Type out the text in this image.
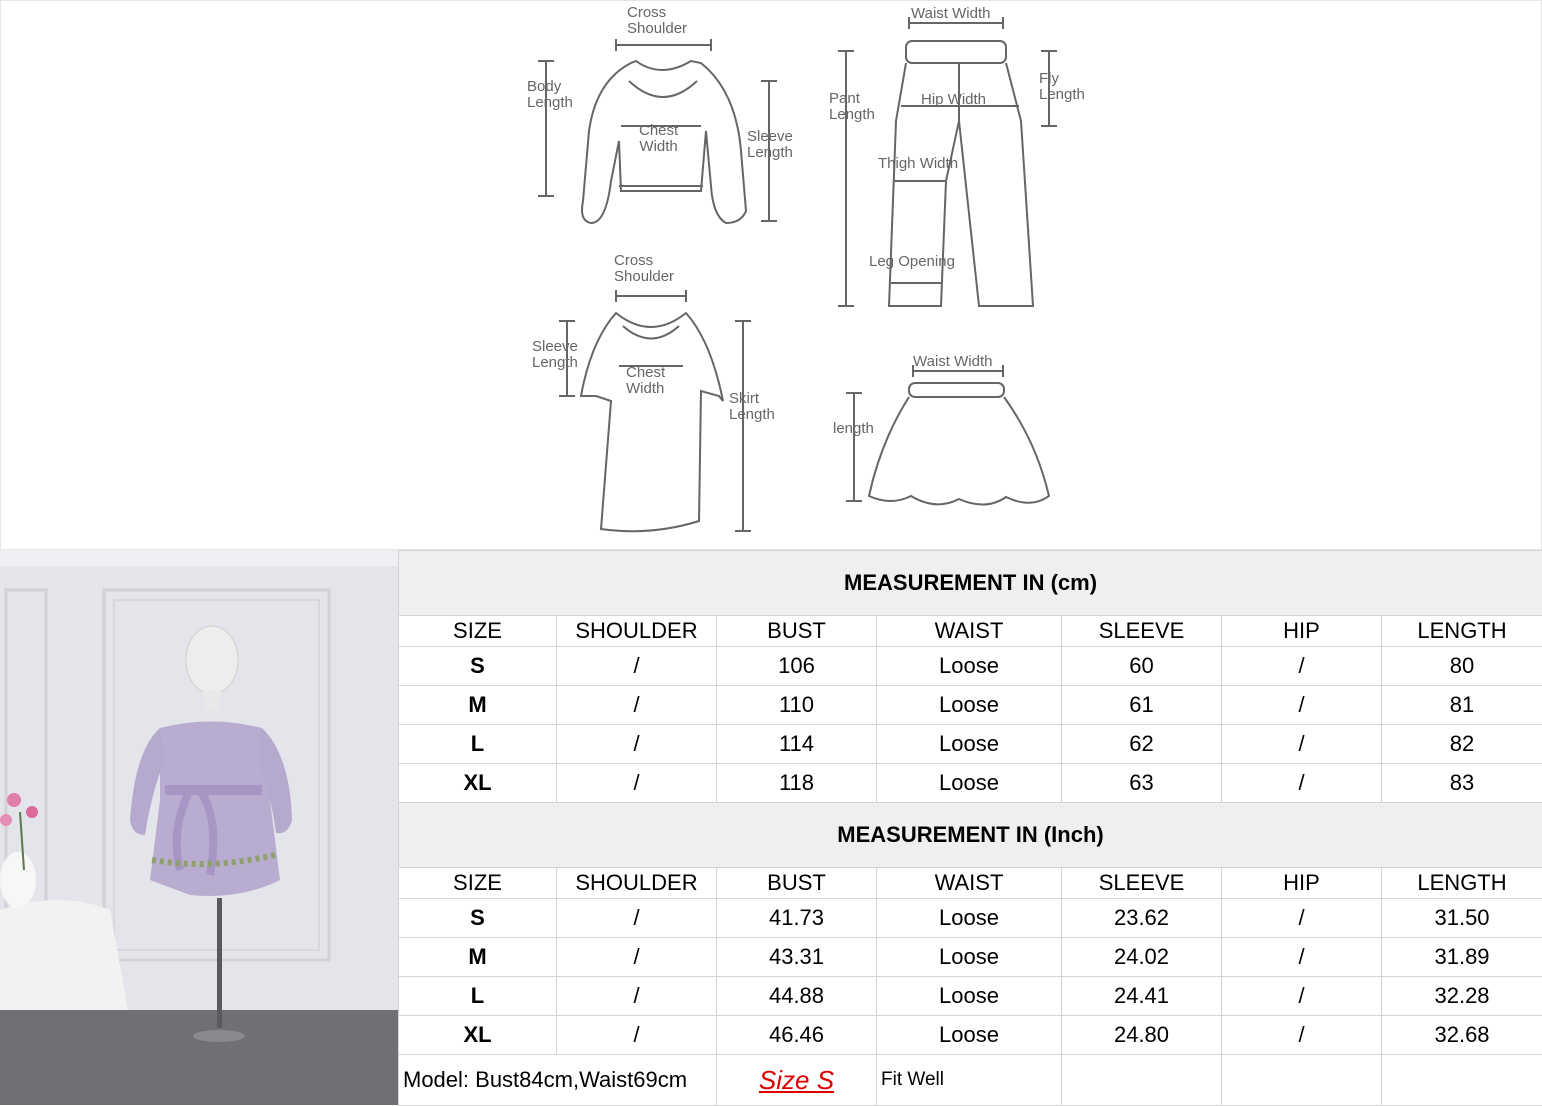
Cross
Shoulder
Body
Length
Chest
Width
Sleeve
Length
Waist Width
Pant
Length
Hip Width
Fly
Length
Thigh Width
Leg Opening
Cross
Shoulder
Sleeve
Length
Chest
Width
Skirt
Length
Waist Width
length
MEASUREMENT IN (cm)						
SIZE	SHOULDER	BUST	WAIST	SLEEVE	HIP	LENGTH
S	/	106	Loose	60	/	80
M	/	110	Loose	61	/	81
L	/	114	Loose	62	/	82
XL	/	118	Loose	63	/	83
MEASUREMENT IN (Inch)						
SIZE	SHOULDER	BUST	WAIST	SLEEVE	HIP	LENGTH
S	/	41.73	Loose	23.62	/	31.50
M	/	43.31	Loose	24.02	/	31.89
L	/	44.88	Loose	24.41	/	32.28
XL	/	46.46	Loose	24.80	/	32.68
Model: Bust84cm,Waist69cm		Size S	Fit Well			
